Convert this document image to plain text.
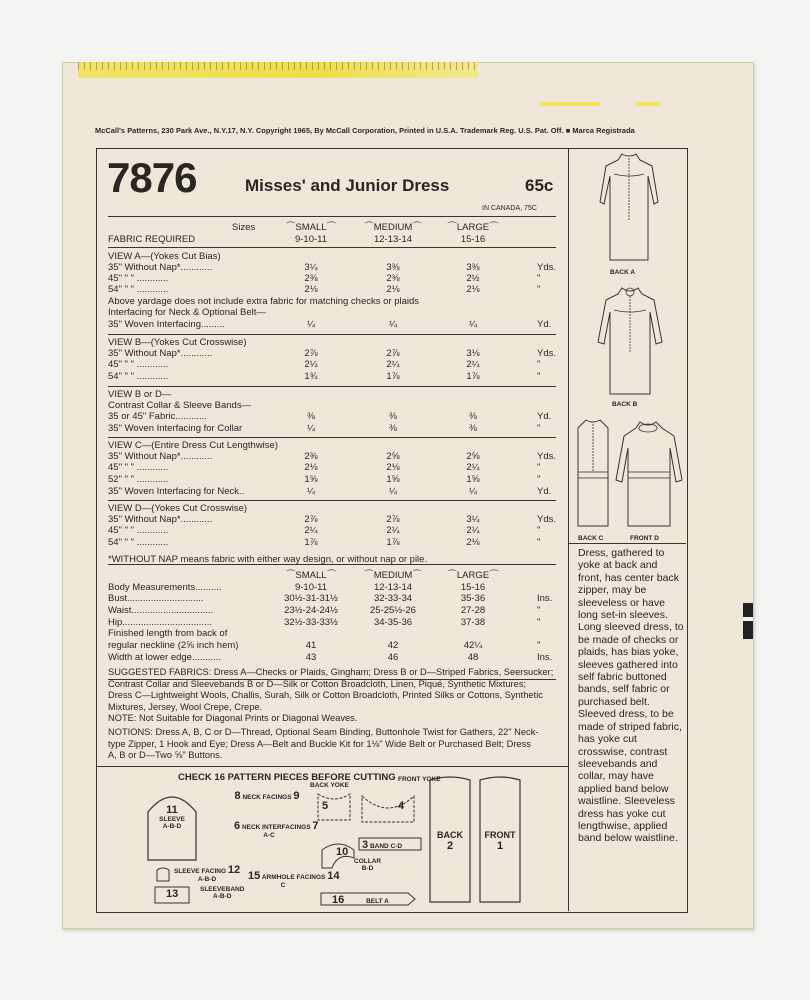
McCall's Patterns, 230 Park Ave., N.Y.17, N.Y. Copyright 1965, By McCall Corporation, Printed in U.S.A. Trademark Reg. U.S. Pat. Off. ■ Marca Registrada
7876	Misses' and Junior Dress	65c
IN CANADA, 75C
Sizes
FABRIC REQUIRED
⌒SMALL⌒	⌒MEDIUM⌒	⌒LARGE⌒
9-10-11	12-13-14	15-16
VIEW A—(Yokes Cut Bias)
35" Without Nap*............	3¼	3⅜	3⅜	Yds.
45" " " ............	2⅜	2⅜	2½	"
54" " " ............	2⅛	2⅛	2⅛	"
Above yardage does not include extra fabric for matching checks or plaids
Interfacing for Neck & Optional Belt—
35" Woven Interfacing.........	¼	¼	¼	Yd.
VIEW B—(Yokes Cut Crosswise)
35" Without Nap*............	2⅞	2⅞	3⅛	Yds.
45" " " ............	2¼	2¼	2¼	"
54" " " ............	1¾	1⅞	1⅞	"
VIEW B or D—
Contrast Collar & Sleeve Bands—
35 or 45" Fabric............	⅜	⅜	⅜	Yd.
35" Woven Interfacing for Collar	¼	⅜	⅜	"
VIEW C—(Entire Dress Cut Lengthwise)
35" Without Nap*............	2⅜	2⅝	2⅝	Yds.
45" " " ............	2⅛	2⅛	2¼	"
52" " " ............	1⅝	1⅝	1⅝	"
35" Woven Interfacing for Neck..	¼	¼	¼	Yd.
VIEW D—(Yokes Cut Crosswise)
35" Without Nap*............	2⅞	2⅞	3¼	Yds.
45" " " ............	2¼	2¼	2¼	"
54" " " ............	1⅞	1⅞	2⅛	"
*WITHOUT NAP means fabric with either way design, or without nap or pile.
⌒SMALL⌒	⌒MEDIUM⌒	⌒LARGE⌒
Body Measurements..........	9-10-11	12-13-14	15-16
Bust.............................	30½-31-31½	32-33-34	35-36	Ins.
Waist...............................	23½-24-24½	25-25½-26	27-28	"
Hip..................................	32½-33-33½	34-35-36	37-38	"
Finished length from back of
regular neckline (2⅝ inch hem)	41	42	42¼	"
Width at lower edge...........	43	46	48	Ins.
SUGGESTED FABRICS: Dress A—Checks or Plaids, Gingham; Dress B or D—Striped Fabrics, Seersucker;
Contrast Collar and Sleevebands B or D—Silk or Cotton Broadcloth, Linen, Piqué, Synthetic Mixtures;
Dress C—Lightweight Wools, Challis, Surah, Silk or Cotton Broadcloth, Printed Silks or Cottons, Synthetic
Mixtures, Jersey, Wool Crepe, Crepe.
NOTE: Not Suitable for Diagonal Prints or Diagonal Weaves.
NOTIONS: Dress A, B, C or D—Thread, Optional Seam Binding, Buttonhole Twist for Gathers, 22" Neck-
type Zipper, 1 Hook and Eye; Dress A—Belt and Buckle Kit for 1⅛" Wide Belt or Purchased Belt; Dress
A, B or D—Two ⅝" Buttons.
BACK A
BACK B
BACK C	FRONT D
Dress, gathered to yoke at back and front, has center back zipper, may be sleeveless or have long set-in sleeves. Long sleeved dress, to be made of checks or plaids, has bias yoke, sleeves gathered into self fabric buttoned bands, self fabric or purchased belt. Sleeved dress, to be made of striped fabric, has yoke cut crosswise, contrast sleevebands and collar, may have applied band below waistline. Sleeveless dress has yoke cut lengthwise, applied band below waistline.
CHECK 16 PATTERN PIECES BEFORE CUTTING
11
SLEEVE
A-B-D
8 NECK FACINGS 9
BACK YOKE
FRONT YOKE
5	4
6 NECK INTERFACINGS 7
A-C
3 BAND C-D
10
COLLAR
B-D
BACK
2
FRONT
1
SLEEVE FACING 12
A-B-D
13	SLEEVEBAND
A-B-D
15 ARMHOLE FACINGS 14
C
16	BELT A
